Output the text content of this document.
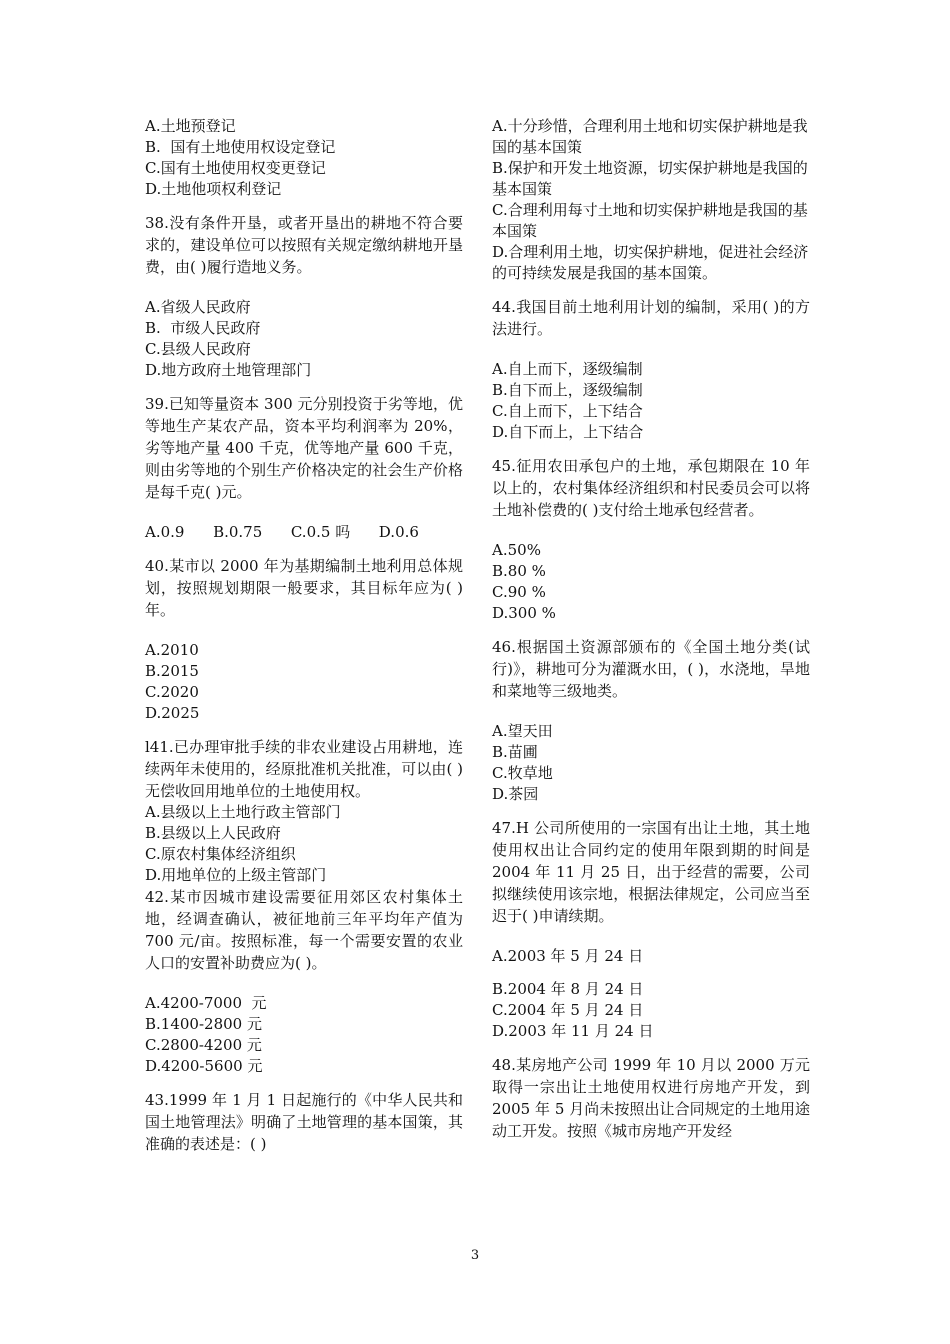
A.土地预登记
B.  国有土地使用权设定登记
C.国有土地使用权变更登记
D.土地他项权利登记
38.没有条件开垦，或者开垦出的耕地不符合要求的，建设单位可以按照有关规定缴纳耕地开垦费，由( )履行造地义务。
A.省级人民政府
B.  市级人民政府
C.县级人民政府
D.地方政府土地管理部门
39.已知等量资本 300 元分别投资于劣等地，优等地生产某农产品，资本平均利润率为 20%，劣等地产量 400 千克，优等地产量 600 千克，则由劣等地的个别生产价格决定的社会生产价格是每千克( )元。
A.0.9      B.0.75      C.0.5 吗      D.0.6
40.某市以 2000 年为基期编制土地利用总体规划，按照规划期限一般要求，其目标年应为( )年。
A.2010
B.2015
C.2020
D.2025
l41.已办理审批手续的非农业建设占用耕地，连续两年未使用的，经原批准机关批准，可以由( )无偿收回用地单位的土地使用权。
A.县级以上土地行政主管部门
B.县级以上人民政府
C.原农村集体经济组织
D.用地单位的上级主管部门
42.某市因城市建设需要征用郊区农村集体土地，经调查确认，被征地前三年平均年产值为 700 元/亩。按照标准，每一个需要安置的农业人口的安置补助费应为( )。
A.4200-7000  元
B.1400-2800 元
C.2800-4200 元
D.4200-5600 元
43.1999 年 1 月 1 日起施行的《中华人民共和国土地管理法》明确了土地管理的基本国策，其准确的表述是：( )
A.十分珍惜，合理利用土地和切实保护耕地是我国的基本国策
B.保护和开发土地资源，切实保护耕地是我国的基本国策
C.合理利用每寸土地和切实保护耕地是我国的基本国策
D.合理利用土地，切实保护耕地，促进社会经济的可持续发展是我国的基本国策。
44.我国目前土地利用计划的编制，采用( )的方法进行。
A.自上而下，逐级编制
B.自下而上，逐级编制
C.自上而下，上下结合
D.自下而上，上下结合
45.征用农田承包户的土地，承包期限在 10 年以上的，农村集体经济组织和村民委员会可以将土地补偿费的( )支付给土地承包经营者。
A.50%
B.80 %
C.90 %
D.300 %
46.根据国土资源部颁布的《全国土地分类(试行)》，耕地可分为灌溉水田，( )，水浇地，旱地和菜地等三级地类。
A.望天田
B.苗圃
C.牧草地
D.茶园
47.H 公司所使用的一宗国有出让土地，其土地使用权出让合同约定的使用年限到期的时间是 2004 年 11 月 25 日，出于经营的需要，公司拟继续使用该宗地，根据法律规定，公司应当至迟于( )申请续期。
A.2003 年 5 月 24 日
B.2004 年 8 月 24 日
C.2004 年 5 月 24 日
D.2003 年 11 月 24 日
48.某房地产公司 1999 年 10 月以 2000 万元取得一宗出让土地使用权进行房地产开发，到 2005 年 5 月尚未按照出让合同规定的土地用途动工开发。按照《城市房地产开发经
3
